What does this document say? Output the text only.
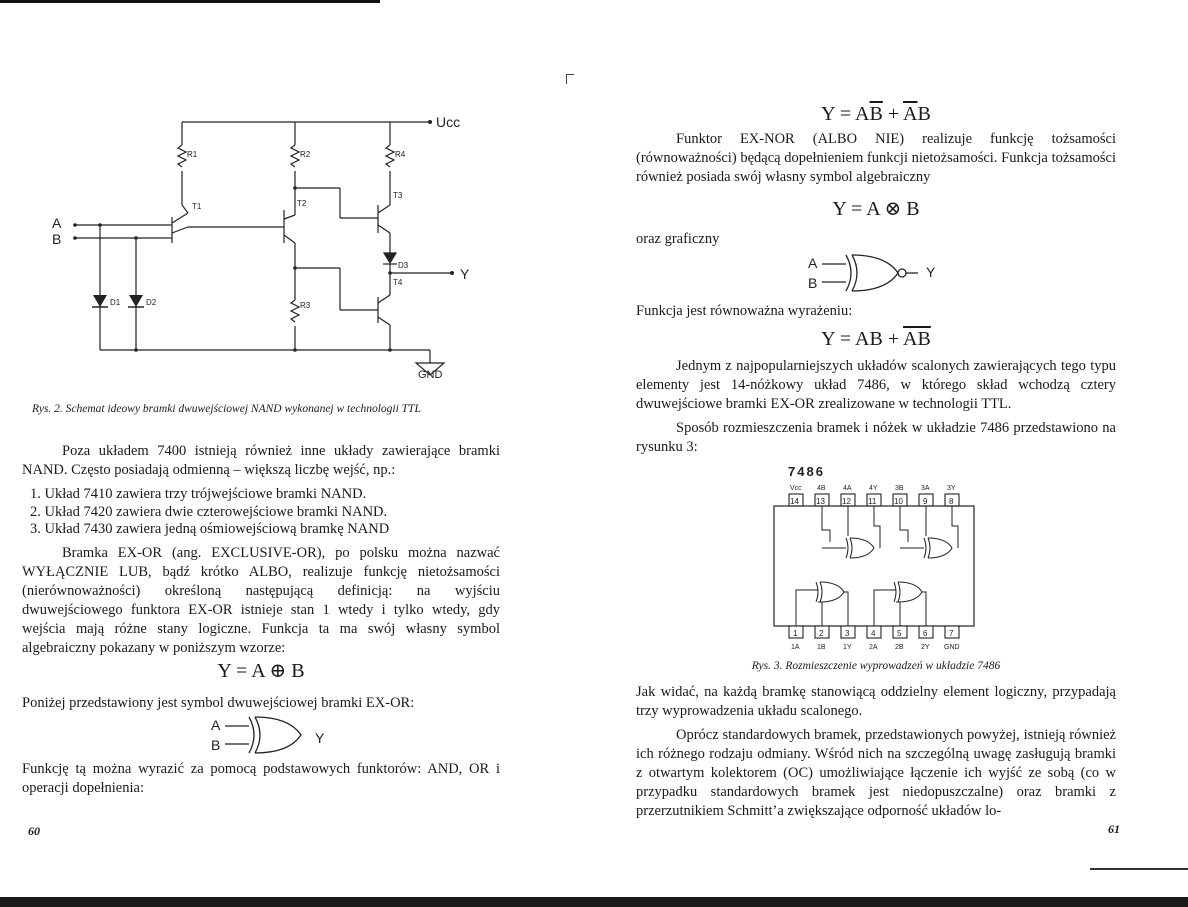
Ucc
GND
A
B
Y
R1	R2
R3
R4
T1	T2
T3
T4
D1	D2
D3
Rys. 2. Schemat ideowy bramki dwuwejściowej NAND wykonanej w technologii TTL

Poza układem 7400 istnieją również inne układy zawierające bramki NAND. Często posiadają odmienną – większą liczbę wejść, np.:

1. Układ 7410 zawiera trzy trójwejściowe bramki NAND.
2. Układ 7420 zawiera dwie czterowejściowe bramki NAND.
3. Układ 7430 zawiera jedną ośmiowejściową bramkę NAND

Bramka EX-OR (ang. EXCLUSIVE-OR), po polsku można nazwać WYŁĄCZNIE LUB, bądź krótko ALBO, realizuje funkcję nietożsamości (nierównoważności) określoną następującą definicją: na wyjściu dwuwejściowego funktora EX-OR istnieje stan 1 wtedy i tylko wtedy, gdy wejścia mają różne stany logiczne. Funkcja ta ma swój własny symbol algebraiczny pokazany w poniższym wzorze:

Y = A ⊕ B

Poniżej przedstawiony jest symbol dwuwejściowej bramki EX-OR:

A
B	Y

Funkcję tą można wyrazić za pomocą podstawowych funktorów: AND, OR i operacji dopełnienia:

60
$Y = A\overline{B} + \overline{A}B$

Funktor EX-NOR (ALBO NIE) realizuje funkcję tożsamości (równoważności) będącą dopełnieniem funkcji nietożsamości. Funkcja tożsamości również posiada swój własny symbol algebraiczny

Y = A ⊗ B

oraz graficzny

A
B
Y

Funkcja jest równoważna wyrażeniu:

Y = AB + $\overline{AB}$

Jednym z najpopularniejszych układów scalonych zawierających tego typu elementy jest 14-nóżkowy układ 7486, w którego skład wchodzą cztery dwuwejściowe bramki EX-OR zrealizowane w technologii TTL.

Sposób rozmieszczenia bramek i nóżek w układzie 7486 przedstawiono na rysunku 3:

7486
Vcc 4B 4A 4Y 3B 3A 3Y
14 13 12 11 10	9	8
1	2	3	4	5	6	7
1A 1B 1Y 2A 2B 2Y GND
Rys. 3. Rozmieszczenie wyprowadzeń w układzie 7486

Jak widać, na każdą bramkę stanowiącą oddzielny element logiczny, przypadają trzy wyprowadzenia układu scalonego.

Oprócz standardowych bramek, przedstawionych powyżej, istnieją również ich różnego rodzaju odmiany. Wśród nich na szczególną uwagę zasługują bramki z otwartym kolektorem (OC) umożliwiające łączenie ich wyjść ze sobą (co w przypadku standardowych bramek jest niedopuszczalne) oraz bramki z przerzutnikiem Schmitt’a zwiększające odporność układów lo-

61
